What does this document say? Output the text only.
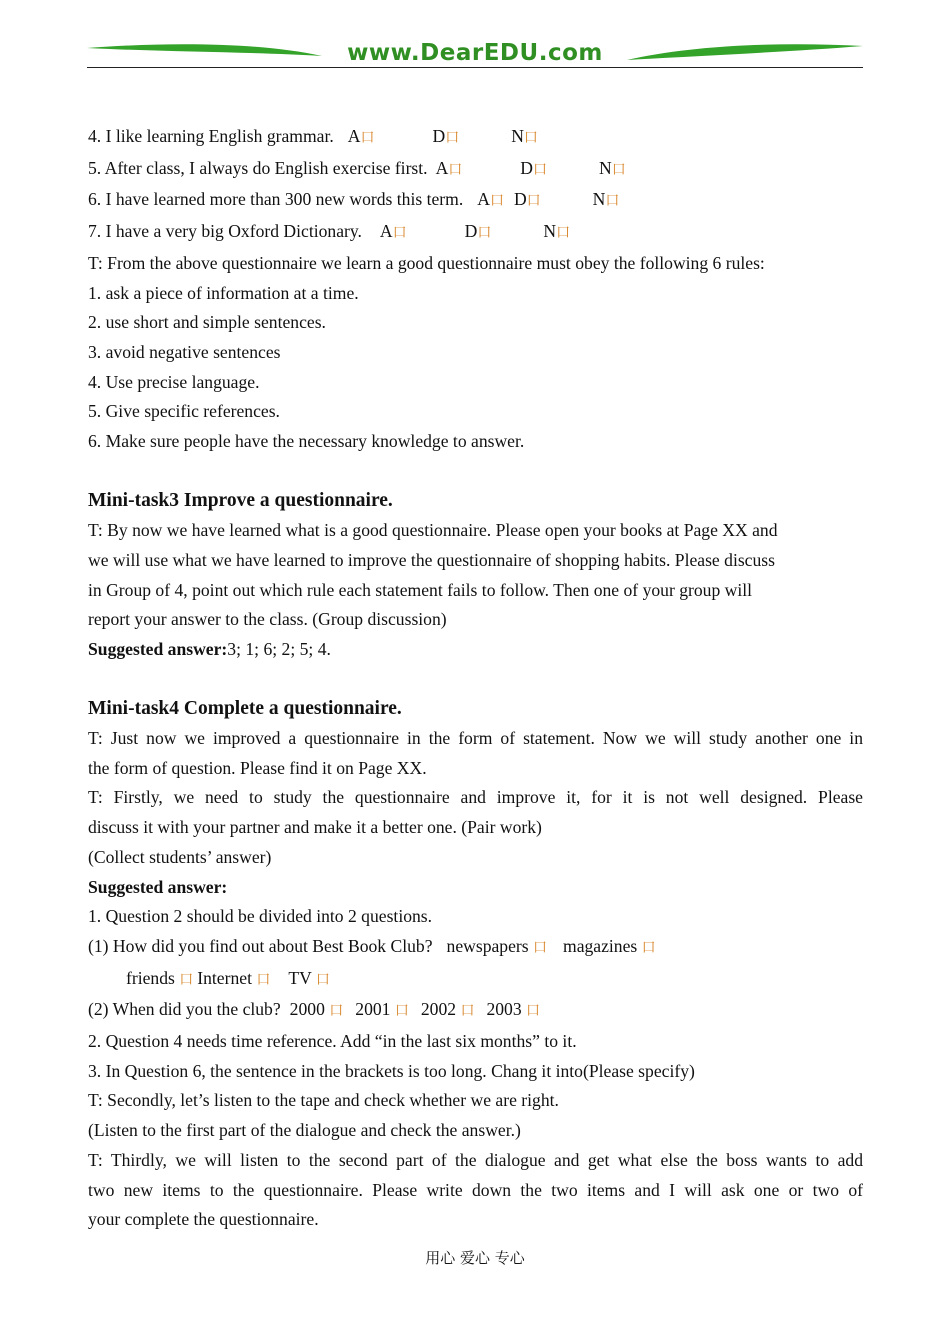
www.DearEDU.com
4. I like learning English grammar. A口	D口	N口
5. After class, I always do English exercise first. A口	D口	N口
6. I have learned more than 300 new words this term. A口 D口	N口
7. I have a very big Oxford Dictionary. A口	D口	N口
T: From the above questionnaire we learn a good questionnaire must obey the following 6 rules:
1. ask a piece of information at a time.
2. use short and simple sentences.
3. avoid negative sentences
4. Use precise language.
5. Give specific references.
6. Make sure people have the necessary knowledge to answer.
Mini-task3 Improve a questionnaire.
T: By now we have learned what is a good questionnaire. Please open your books at Page XX and
we will use what we have learned to improve the questionnaire of shopping habits. Please discuss
in Group of 4, point out which rule each statement fails to follow. Then one of your group will
report your answer to the class. (Group discussion)
Suggested answer:3; 1; 6; 2; 5; 4.
Mini-task4 Complete a questionnaire.
T: Just now we improved a questionnaire in the form of statement. Now we will study another one in
the form of question. Please find it on Page XX.
T: Firstly, we need to study the questionnaire and improve it, for it is not well designed. Please
discuss it with your partner and make it a better one. (Pair work)
(Collect students’ answer)
Suggested answer:
1. Question 2 should be divided into 2 questions.
(1) How did you find out about Best Book Club? newspapers 口 magazines 口
friends 口 Internet 口 TV 口
(2) When did you the club? 2000 口 2001 口 2002 口 2003 口
2. Question 4 needs time reference. Add “in the last six months” to it.
3. In Question 6, the sentence in the brackets is too long. Chang it into(Please specify)
T: Secondly, let’s listen to the tape and check whether we are right.
(Listen to the first part of the dialogue and check the answer.)
T: Thirdly, we will listen to the second part of the dialogue and get what else the boss wants to add
two new items to the questionnaire. Please write down the two items and I will ask one or two of
your complete the questionnaire.
用心 爱心 专心
